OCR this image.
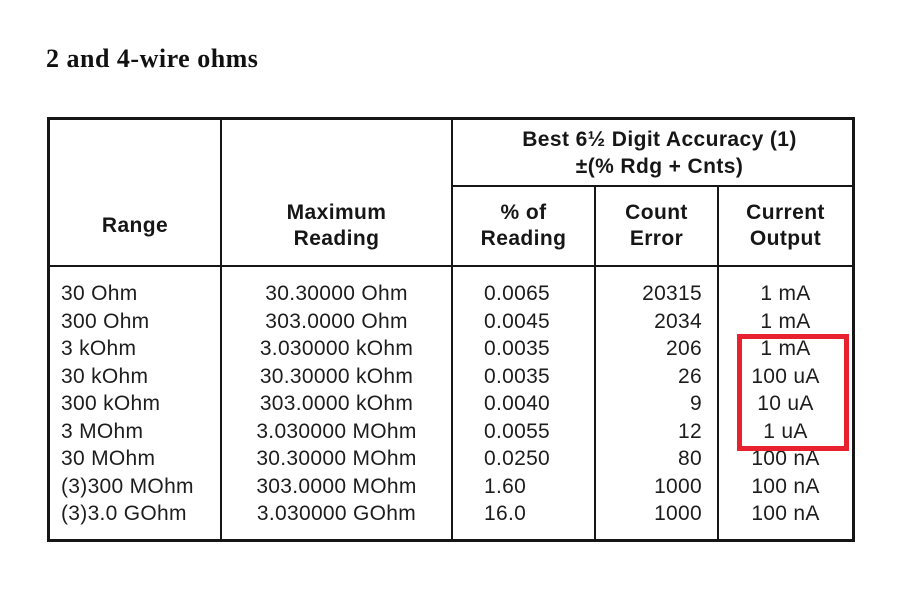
2 and 4-wire ohms
Range
Maximum
Reading
Best 6½ Digit Accuracy (1)
±(% Rdg + Cnts)
% of
Reading
Count
Error
Current
Output
30 Ohm
300 Ohm
3 kOhm
30 kOhm
300 kOhm
3 MOhm
30 MOhm
(3)300 MOhm
(3)3.0 GOhm
30.30000 Ohm
303.0000 Ohm
3.030000 kOhm
30.30000 kOhm
303.0000 kOhm
3.030000 MOhm
30.30000 MOhm
303.0000 MOhm
3.030000 GOhm
0.0065
0.0045
0.0035
0.0035
0.0040
0.0055
0.0250
1.60
16.0
20315
2034
206
26
9
12
80
1000
1000
1 mA
1 mA
1 mA
100 uA
10 uA
1 uA
100 nA
100 nA
100 nA
